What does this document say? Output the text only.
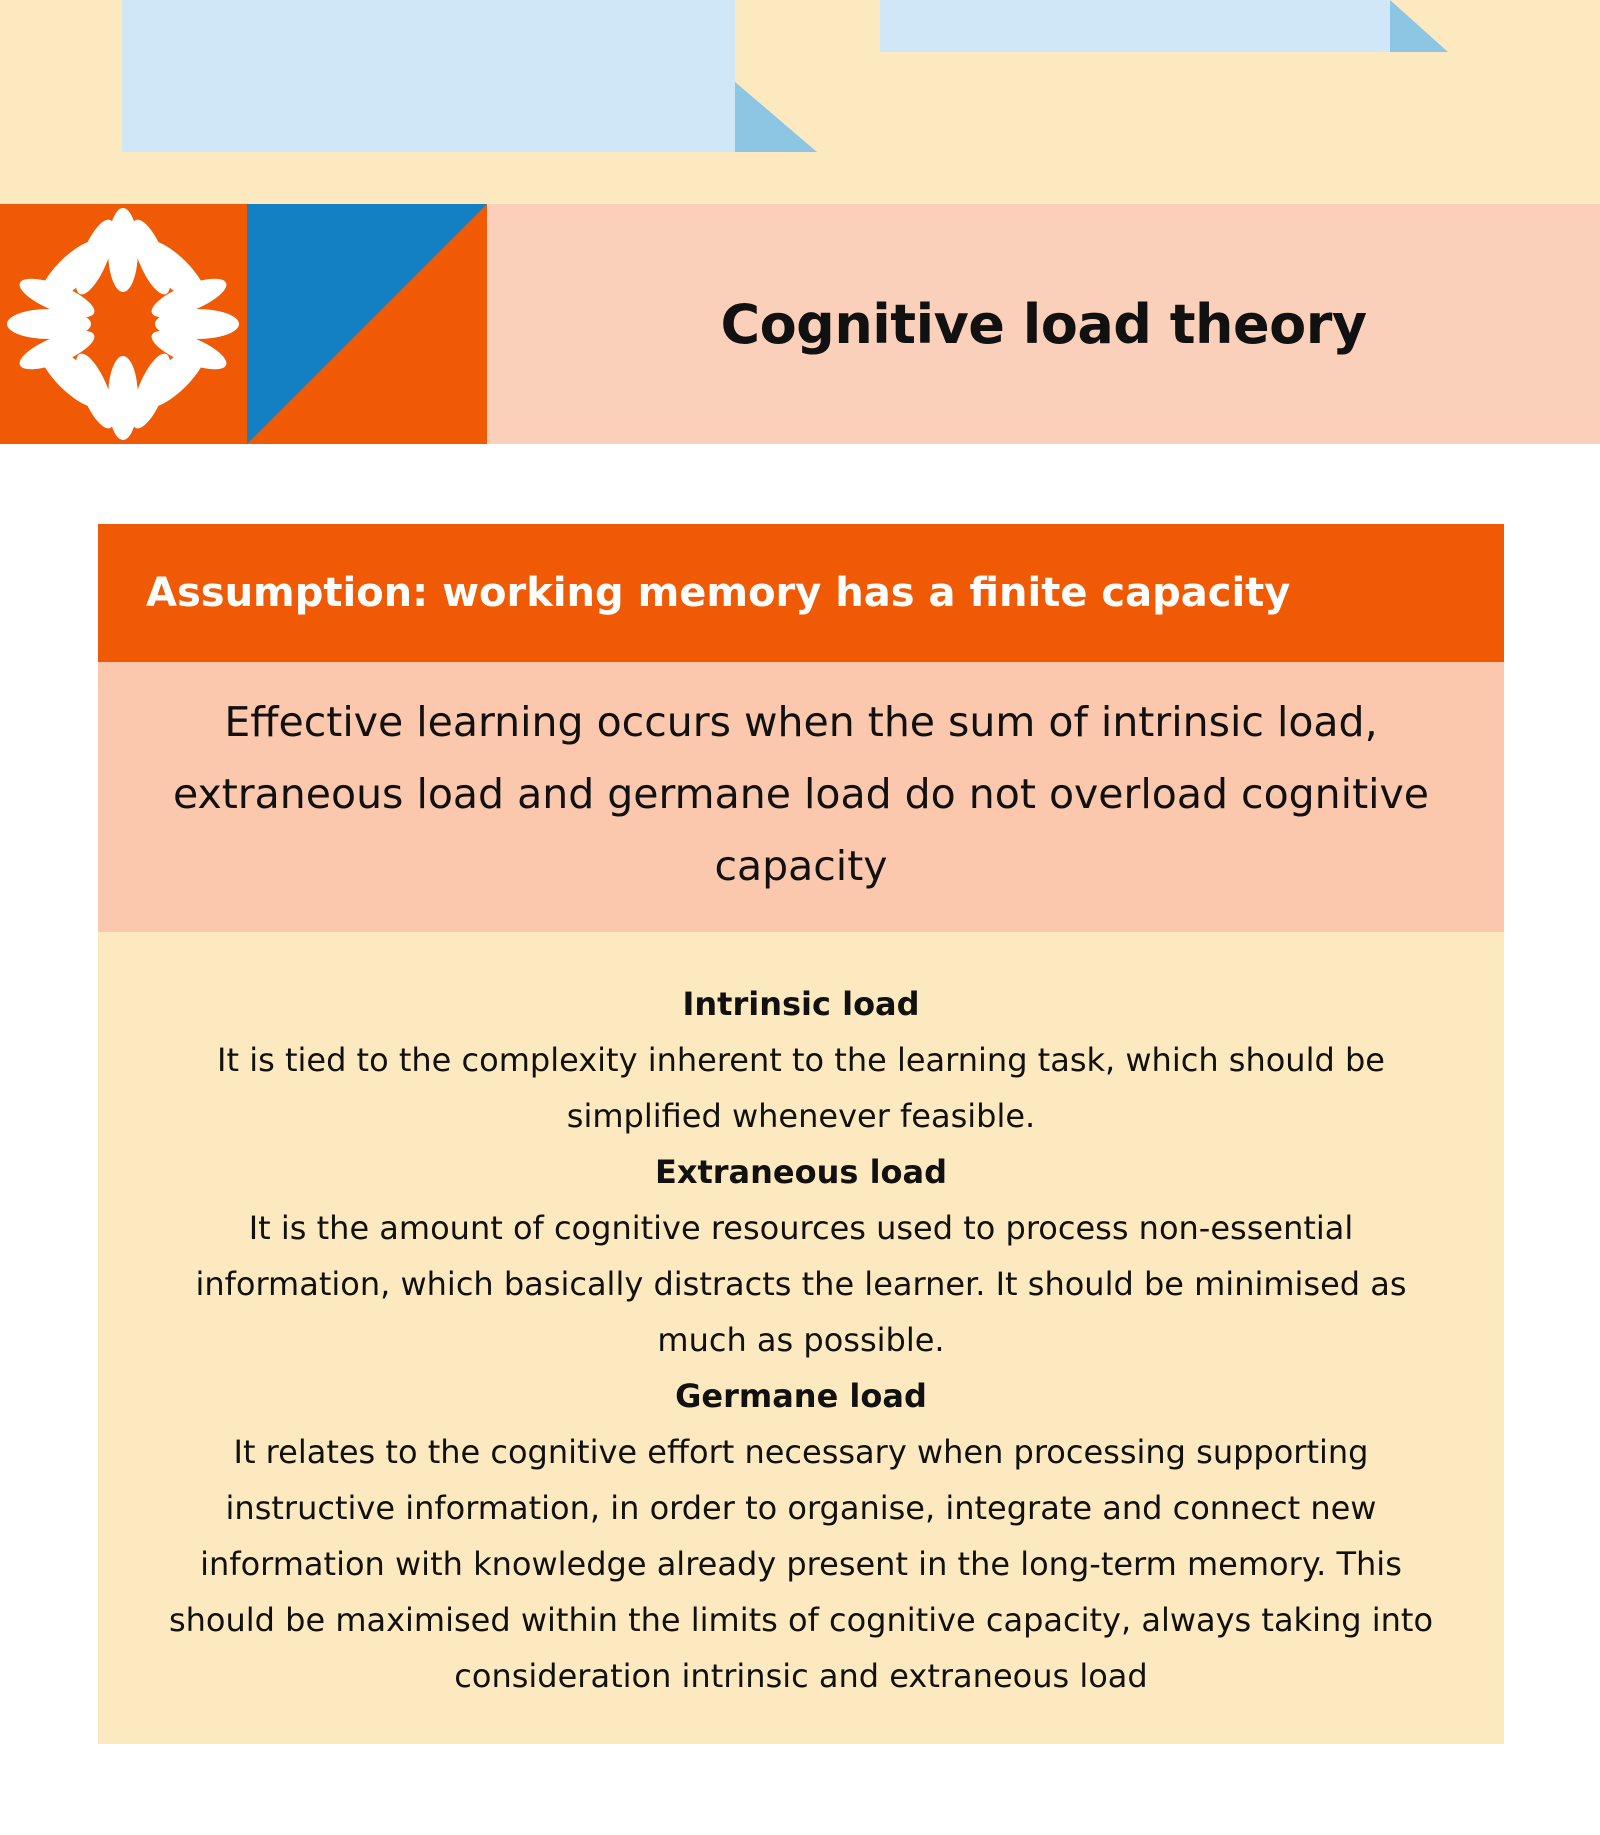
Cognitive load theory
Assumption: working memory has a finite capacity
Effective learning occurs when the sum of intrinsic load, extraneous load and germane load do not overload cognitive capacity
Intrinsic load
It is tied to the complexity inherent to the learning task, which should be simplified whenever feasible.
Extraneous load
It is the amount of cognitive resources used to process non-essential information, which basically distracts the learner. It should be minimised as much as possible.
Germane load
It relates to the cognitive effort necessary when processing supporting instructive information, in order to organise, integrate and connect new information with knowledge already present in the long-term memory. This should be maximised within the limits of cognitive capacity, always taking into consideration intrinsic and extraneous load
